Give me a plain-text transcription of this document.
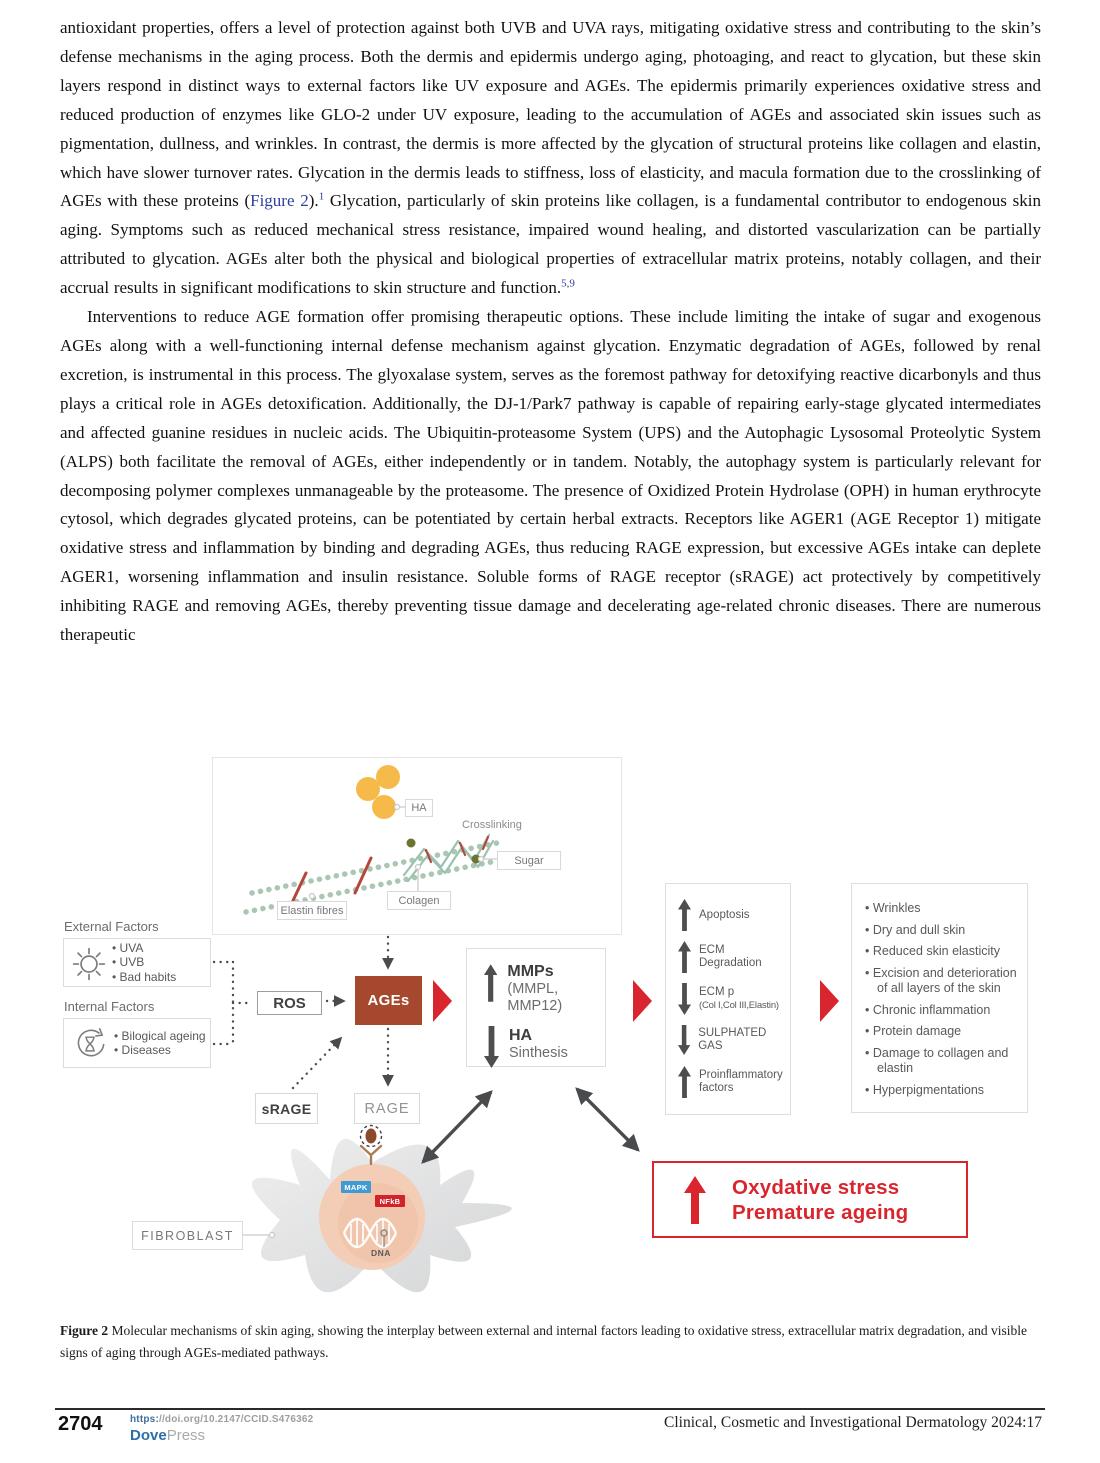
antioxidant properties, offers a level of protection against both UVB and UVA rays, mitigating oxidative stress and contributing to the skin’s defense mechanisms in the aging process. Both the dermis and epidermis undergo aging, photoaging, and react to glycation, but these skin layers respond in distinct ways to external factors like UV exposure and AGEs. The epidermis primarily experiences oxidative stress and reduced production of enzymes like GLO-2 under UV exposure, leading to the accumulation of AGEs and associated skin issues such as pigmentation, dullness, and wrinkles. In contrast, the dermis is more affected by the glycation of structural proteins like collagen and elastin, which have slower turnover rates. Glycation in the dermis leads to stiffness, loss of elasticity, and macula formation due to the crosslinking of AGEs with these proteins (Figure 2).$^1$ Glycation, particularly of skin proteins like collagen, is a fundamental contributor to endogenous skin aging. Symptoms such as reduced mechanical stress resistance, impaired wound healing, and distorted vascularization can be partially attributed to glycation. AGEs alter both the physical and biological properties of extracellular matrix proteins, notably collagen, and their accrual results in significant modifications to skin structure and function.$^{5,9}$

Interventions to reduce AGE formation offer promising therapeutic options. These include limiting the intake of sugar and exogenous AGEs along with a well-functioning internal defense mechanism against glycation. Enzymatic degradation of AGEs, followed by renal excretion, is instrumental in this process. The glyoxalase system, serves as the foremost pathway for detoxifying reactive dicarbonyls and thus plays a critical role in AGEs detoxification. Additionally, the DJ-1/Park7 pathway is capable of repairing early-stage glycated intermediates and affected guanine residues in nucleic acids. The Ubiquitin-proteasome System (UPS) and the Autophagic Lysosomal Proteolytic System (ALPS) both facilitate the removal of AGEs, either independently or in tandem. Notably, the autophagy system is particularly relevant for decomposing polymer complexes unmanageable by the proteasome. The presence of Oxidized Protein Hydrolase (OPH) in human erythrocyte cytosol, which degrades glycated proteins, can be potentiated by certain herbal extracts. Receptors like AGER1 (AGE Receptor 1) mitigate oxidative stress and inflammation by binding and degrading AGEs, thus reducing RAGE expression, but excessive AGEs intake can deplete AGER1, worsening inflammation and insulin resistance. Soluble forms of RAGE receptor (sRAGE) act protectively by competitively inhibiting RAGE and removing AGEs, thereby preventing tissue damage and decelerating age-related chronic diseases. There are numerous therapeutic

HA
Crosslinking
Sugar
Colagen
Elastin fibres
External Factors
• UVA
• UVB
• Bad habits
Internal Factors
• Bilogical ageing
• Diseases
ROS	AGEs
MMPs
(MMPL, MMP12)
HA
Sinthesis
Apoptosis
ECM
Degradation
ECM p
(Col I,Col III,Elastin)
SULPHATED GAS
Proinflammatory
factors
• Wrinkles
• Dry and dull skin
• Reduced skin elasticity
• Excision and deterioration of all layers of the skin
• Chronic inflammation
• Protein damage
• Damage to collagen and elastin
• Hyperpigmentations
sRAGE	RAGE
FIBROBLAST
MAPK
NFkB
DNA
Oxydative stress
Premature ageing
Figure 2 Molecular mechanisms of skin aging, showing the interplay between external and internal factors leading to oxidative stress, extracellular matrix degradation, and visible signs of aging through AGEs-mediated pathways.
2704	https://doi.org/10.2147/CCID.S476362
DovePress
Clinical, Cosmetic and Investigational Dermatology 2024:17
